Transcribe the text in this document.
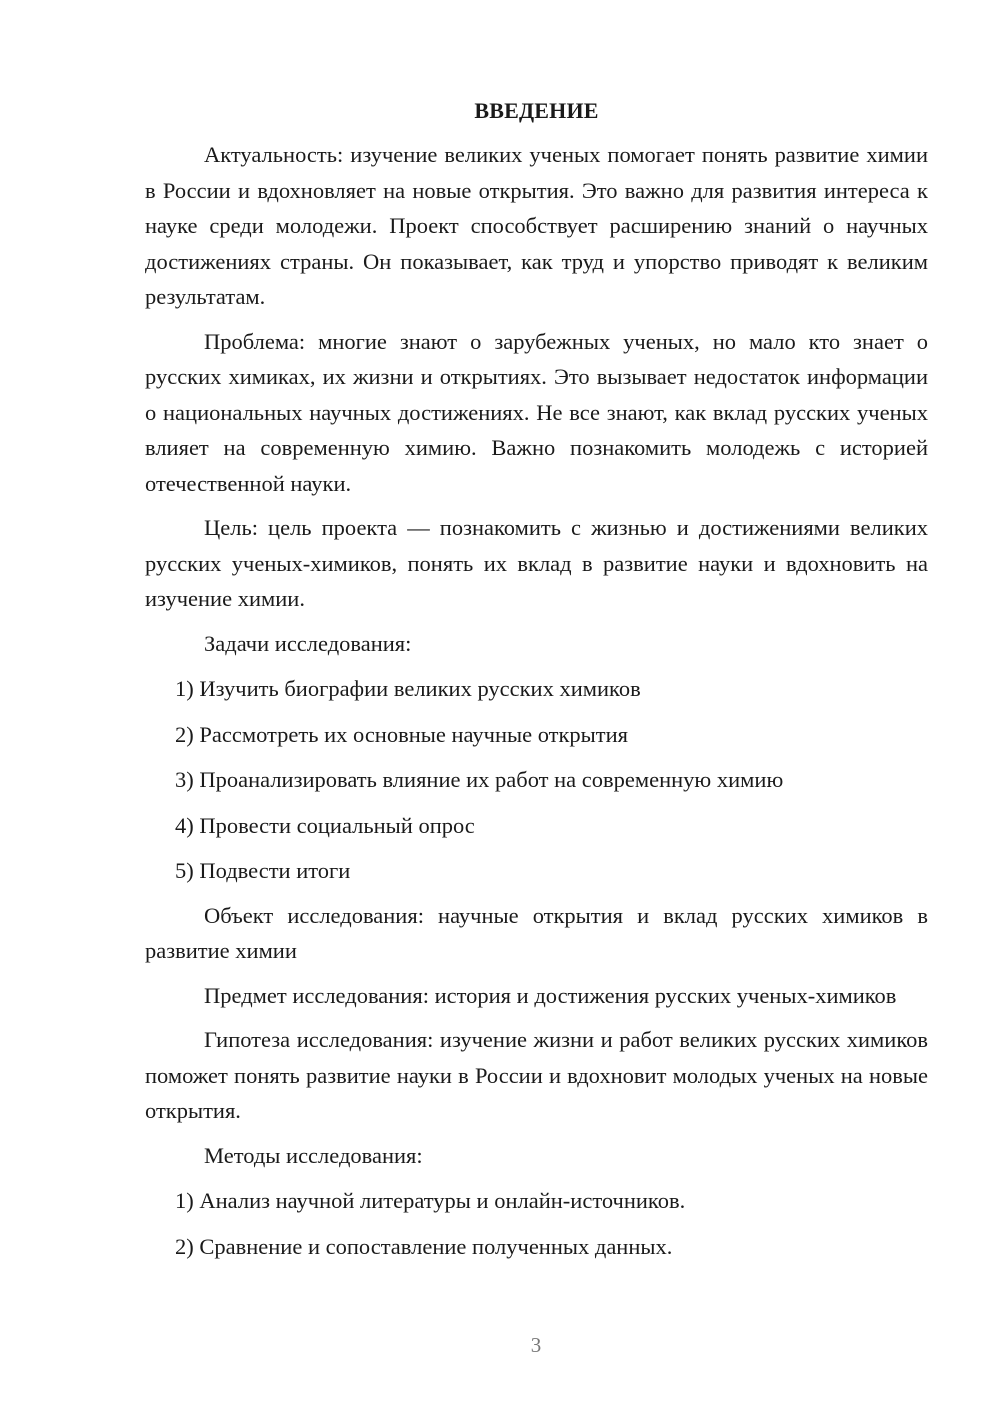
ВВЕДЕНИЕ

Актуальность: изучение великих ученых помогает понять развитие химии в России и вдохновляет на новые открытия. Это важно для развития интереса к науке среди молодежи. Проект способствует расширению знаний о научных достижениях страны. Он показывает, как труд и упорство приводят к великим результатам.

Проблема: многие знают о зарубежных ученых, но мало кто знает о русских химиках, их жизни и открытиях. Это вызывает недостаток информации о национальных научных достижениях. Не все знают, как вклад русских ученых влияет на современную химию. Важно познакомить молодежь с историей отечественной науки.

Цель: цель проекта — познакомить с жизнью и достижениями великих русских ученых-химиков, понять их вклад в развитие науки и вдохновить на изучение химии.

Задачи исследования:

1) Изучить биографии великих русских химиков

2) Рассмотреть их основные научные открытия

3) Проанализировать влияние их работ на современную химию

4) Провести социальный опрос

5) Подвести итоги

Объект исследования: научные открытия и вклад русских химиков в развитие химии

Предмет исследования: история и достижения русских ученых-химиков

Гипотеза исследования: изучение жизни и работ великих русских химиков поможет понять развитие науки в России и вдохновит молодых ученых на новые открытия.

Методы исследования:

1) Анализ научной литературы и онлайн-источников.

2) Сравнение и сопоставление полученных данных.

3
